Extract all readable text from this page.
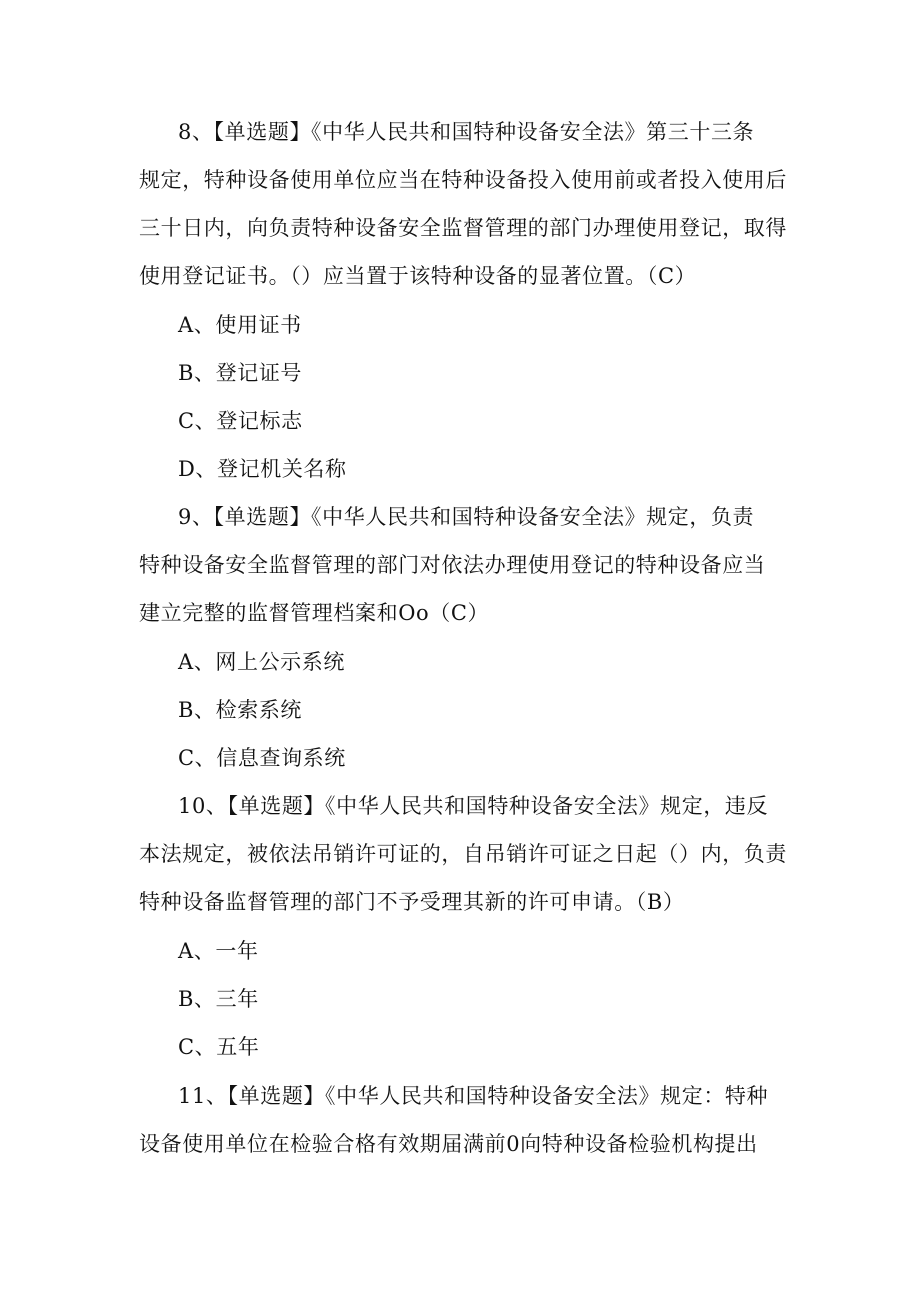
8、【单选题】《中华人民共和国特种设备安全法》第三十三条
规定，特种设备使用单位应当在特种设备投入使用前或者投入使用后
三十日内，向负责特种设备安全监督管理的部门办理使用登记，取得
使用登记证书。（）应当置于该特种设备的显著位置。（C）
A、使用证书
B、登记证号
C、登记标志
D、登记机关名称
9、【单选题】《中华人民共和国特种设备安全法》规定，负责
特种设备安全监督管理的部门对依法办理使用登记的特种设备应当
建立完整的监督管理档案和Oo（C）
A、网上公示系统
B、检索系统
C、信息查询系统
10、【单选题】《中华人民共和国特种设备安全法》规定，违反
本法规定，被依法吊销许可证的，自吊销许可证之日起（）内，负责
特种设备监督管理的部门不予受理其新的许可申请。（B）
A、一年
B、三年
C、五年
11、【单选题】《中华人民共和国特种设备安全法》规定：特种
设备使用单位在检验合格有效期届满前0向特种设备检验机构提出
